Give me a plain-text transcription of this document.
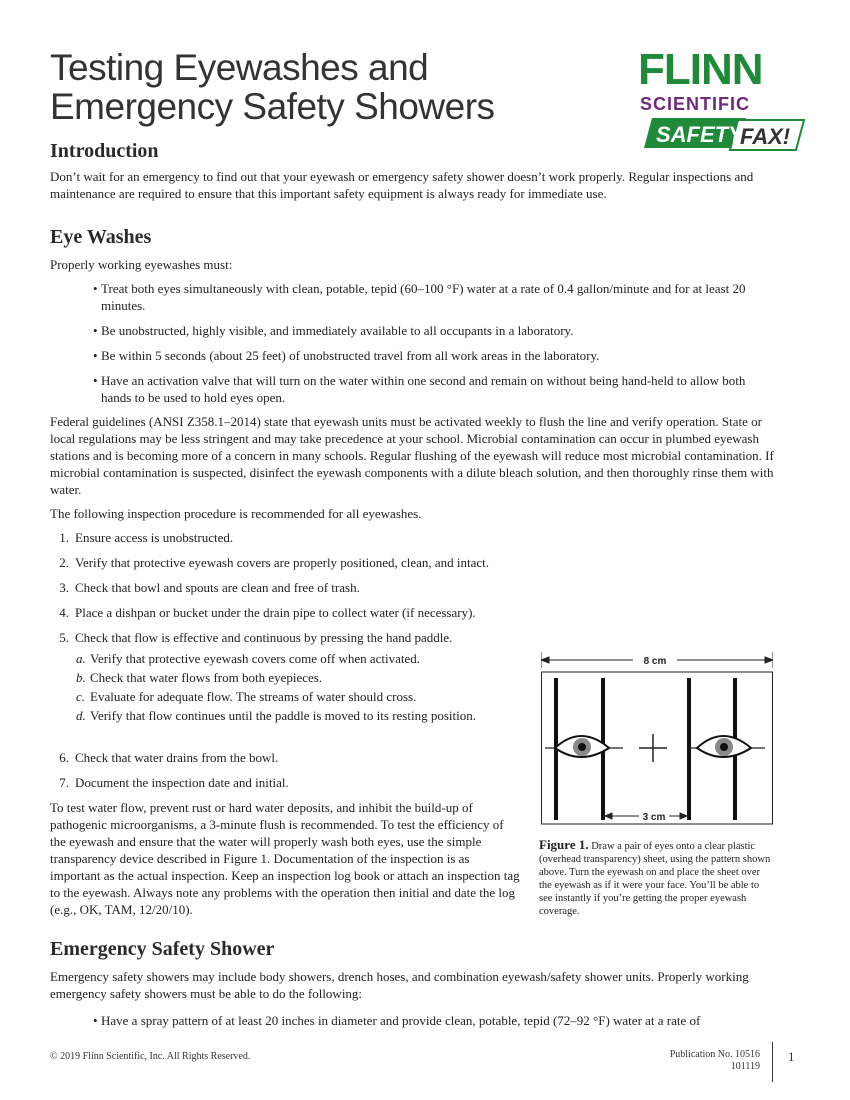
Testing Eyewashes and
Emergency Safety Showers
FLINN
SCIENTIFIC
SAFETY
FAX!
Introduction
Don’t wait for an emergency to find out that your eyewash or emergency safety shower doesn’t work properly. Regular inspections and maintenance are required to ensure that this important safety equipment is always ready for immediate use.
Eye Washes
Properly working eyewashes must:
• Treat both eyes simultaneously with clean, potable, tepid (60–100 °F) water at a rate of 0.4 gallon/minute and for at least 20 minutes.
• Be unobstructed, highly visible, and immediately available to all occupants in a laboratory.
• Be within 5 seconds (about 25 feet) of unobstructed travel from all work areas in the laboratory.
• Have an activation valve that will turn on the water within one second and remain on without being hand-held to allow both hands to be used to hold eyes open.
Federal guidelines (ANSI Z358.1–2014) state that eyewash units must be activated weekly to flush the line and verify operation. State or local regulations may be less stringent and may take precedence at your school. Microbial contamination can occur in plumbed eyewash stations and is becoming more of a concern in many schools. Regular flushing of the eyewash will reduce most microbial contamination. If microbial contamination is suspected, disinfect the eyewash components with a dilute bleach solution, and then thoroughly rinse them with water.
The following inspection procedure is recommended for all eyewashes.
1. Ensure access is unobstructed.
2. Verify that protective eyewash covers are properly positioned, clean, and intact.
3. Check that bowl and spouts are clean and free of trash.
4. Place a dishpan or bucket under the drain pipe to collect water (if necessary).
5. Check that flow is effective and continuous by pressing the hand paddle.
a. Verify that protective eyewash covers come off when activated.
b. Check that water flows from both eyepieces.
c. Evaluate for adequate flow. The streams of water should cross.
d. Verify that flow continues until the paddle is moved to its resting position.
6. Check that water drains from the bowl.
7. Document the inspection date and initial.
To test water flow, prevent rust or hard water deposits, and inhibit the build-up of pathogenic microorganisms, a 3-minute flush is recommended. To test the efficiency of the eyewash and ensure that the water will properly wash both eyes, use the simple transparency device described in Figure 1. Documentation of the inspection is as important as the actual inspection. Keep an inspection log book or attach an inspection tag to the eyewash. Always note any problems with the operation then initial and date the log (e.g., OK, TAM, 12/20/10).
8 cm
3 cm
Figure 1. Draw a pair of eyes onto a clear plastic (overhead transparency) sheet, using the pattern shown above. Turn the eyewash on and place the sheet over the eyewash as if it were your face. You’ll be able to see instantly if you’re getting the proper eyewash coverage.
Emergency Safety Shower
Emergency safety showers may include body showers, drench hoses, and combination eyewash/safety shower units. Properly working emergency safety showers must be able to do the following:
• Have a spray pattern of at least 20 inches in diameter and provide clean, potable, tepid (72–92 °F) water at a rate of
© 2019 Flinn Scientific, Inc. All Rights Reserved.	Publication No. 10516
101119
1
